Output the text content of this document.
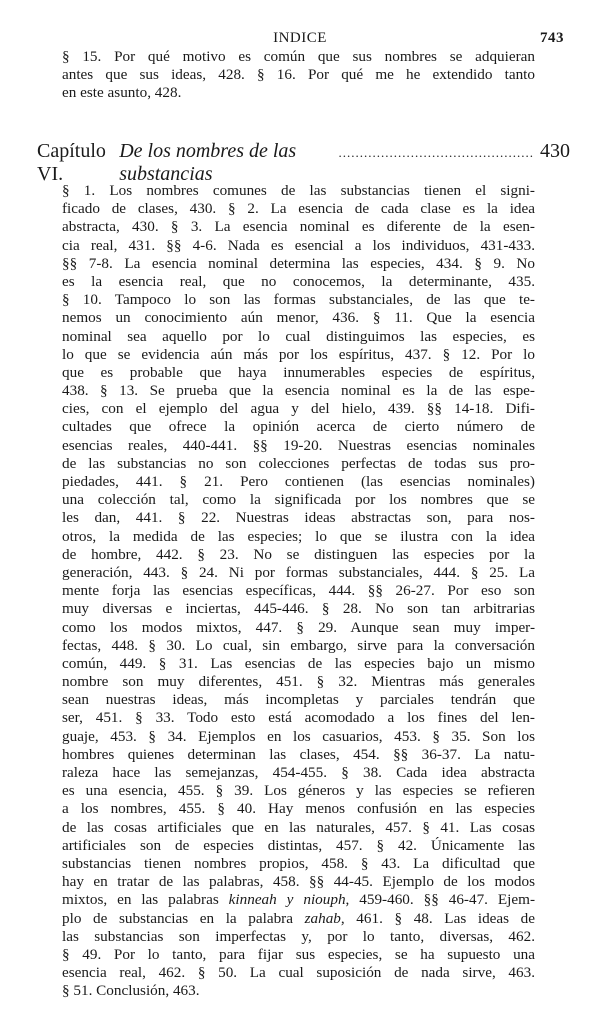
INDICE	743
§ 15. Por qué motivo es común que sus nombres se adquieran
antes que sus ideas, 428. § 16. Por qué me he extendido tanto
en este asunto, 428.
Capítulo VI.

De los nombres de las substancias
.............................................. 430
§ 1. Los nombres comunes de las substancias tienen el signi-
ficado de clases, 430. § 2. La esencia de cada clase es la idea
abstracta, 430. § 3. La esencia nominal es diferente de la esen-
cia real, 431. §§ 4-6. Nada es esencial a los individuos, 431-433.
§§ 7-8. La esencia nominal determina las especies, 434. § 9. No
es la esencia real, que no conocemos, la determinante, 435.
§ 10. Tampoco lo son las formas substanciales, de las que te-
nemos un conocimiento aún menor, 436. § 11. Que la esencia
nominal sea aquello por lo cual distinguimos las especies, es
lo que se evidencia aún más por los espíritus, 437. § 12. Por lo
que es probable que haya innumerables especies de espíritus,
438. § 13. Se prueba que la esencia nominal es la de las espe-
cies, con el ejemplo del agua y del hielo, 439. §§ 14-18. Difi-
cultades que ofrece la opinión acerca de cierto número de
esencias reales, 440-441. §§ 19-20. Nuestras esencias nominales
de las substancias no son colecciones perfectas de todas sus pro-
piedades, 441. § 21. Pero contienen (las esencias nominales)
una colección tal, como la significada por los nombres que se
les dan, 441. § 22. Nuestras ideas abstractas son, para nos-
otros, la medida de las especies; lo que se ilustra con la idea
de hombre, 442. § 23. No se distinguen las especies por la
generación, 443. § 24. Ni por formas substanciales, 444. § 25. La
mente forja las esencias específicas, 444. §§ 26-27. Por eso son
muy diversas e inciertas, 445-446. § 28. No son tan arbitrarias
como los modos mixtos, 447. § 29. Aunque sean muy imper-
fectas, 448. § 30. Lo cual, sin embargo, sirve para la conversación
común, 449. § 31. Las esencias de las especies bajo un mismo
nombre son muy diferentes, 451. § 32. Mientras más generales
sean nuestras ideas, más incompletas y parciales tendrán que
ser, 451. § 33. Todo esto está acomodado a los fines del len-
guaje, 453. § 34. Ejemplos en los casuarios, 453. § 35. Son los
hombres quienes determinan las clases, 454. §§ 36-37. La natu-
raleza hace las semejanzas, 454-455. § 38. Cada idea abstracta
es una esencia, 455. § 39. Los géneros y las especies se refieren
a los nombres, 455. § 40. Hay menos confusión en las especies
de las cosas artificiales que en las naturales, 457. § 41. Las cosas
artificiales son de especies distintas, 457. § 42. Únicamente las
substancias tienen nombres propios, 458. § 43. La dificultad que
hay en tratar de las palabras, 458. §§ 44-45. Ejemplo de los modos
mixtos, en las palabras kinneah y niouph, 459-460. §§ 46-47. Ejem-
plo de substancias en la palabra zahab, 461. § 48. Las ideas de
las substancias son imperfectas y, por lo tanto, diversas, 462.
§ 49. Por lo tanto, para fijar sus especies, se ha supuesto una
esencia real, 462. § 50. La cual suposición de nada sirve, 463.
§ 51. Conclusión, 463.
